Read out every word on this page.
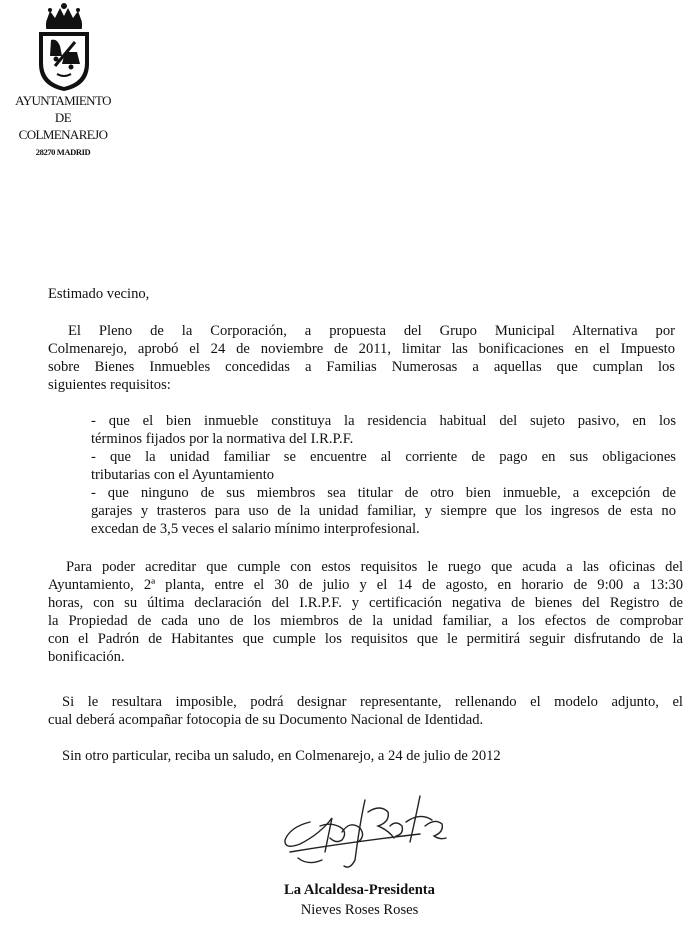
AYUNTAMIENTO
DE
COLMENAREJO
28270 MADRID
Estimado vecino,
El Pleno de la Corporación, a propuesta del Grupo Municipal Alternativa por
Colmenarejo, aprobó el 24 de noviembre de 2011, limitar las bonificaciones en el Impuesto
sobre Bienes Inmuebles concedidas a Familias Numerosas a aquellas que cumplan los
siguientes requisitos:
- que el bien inmueble constituya la residencia habitual del sujeto pasivo, en los
términos fijados por la normativa del I.R.P.F.
- que la unidad familiar se encuentre al corriente de pago en sus obligaciones
tributarias con el Ayuntamiento
- que ninguno de sus miembros sea titular de otro bien inmueble, a excepción de
garajes y trasteros para uso de la unidad familiar, y siempre que los ingresos de esta no
excedan de 3,5 veces el salario mínimo interprofesional.
Para poder acreditar que cumple con estos requisitos le ruego que acuda a las oficinas del
Ayuntamiento, 2ª planta, entre el 30 de julio y el 14 de agosto, en horario de 9:00 a 13:30
horas, con su última declaración del I.R.P.F. y certificación negativa de bienes del Registro de
la Propiedad de cada uno de los miembros de la unidad familiar, a los efectos de comprobar
con el Padrón de Habitantes que cumple los requisitos que le permitirá seguir disfrutando de la
bonificación.
Si le resultara imposible, podrá designar representante, rellenando el modelo adjunto, el
cual deberá acompañar fotocopia de su Documento Nacional de Identidad.
Sin otro particular, reciba un saludo, en Colmenarejo, a 24 de julio de 2012
La Alcaldesa-Presidenta
Nieves Roses Roses
